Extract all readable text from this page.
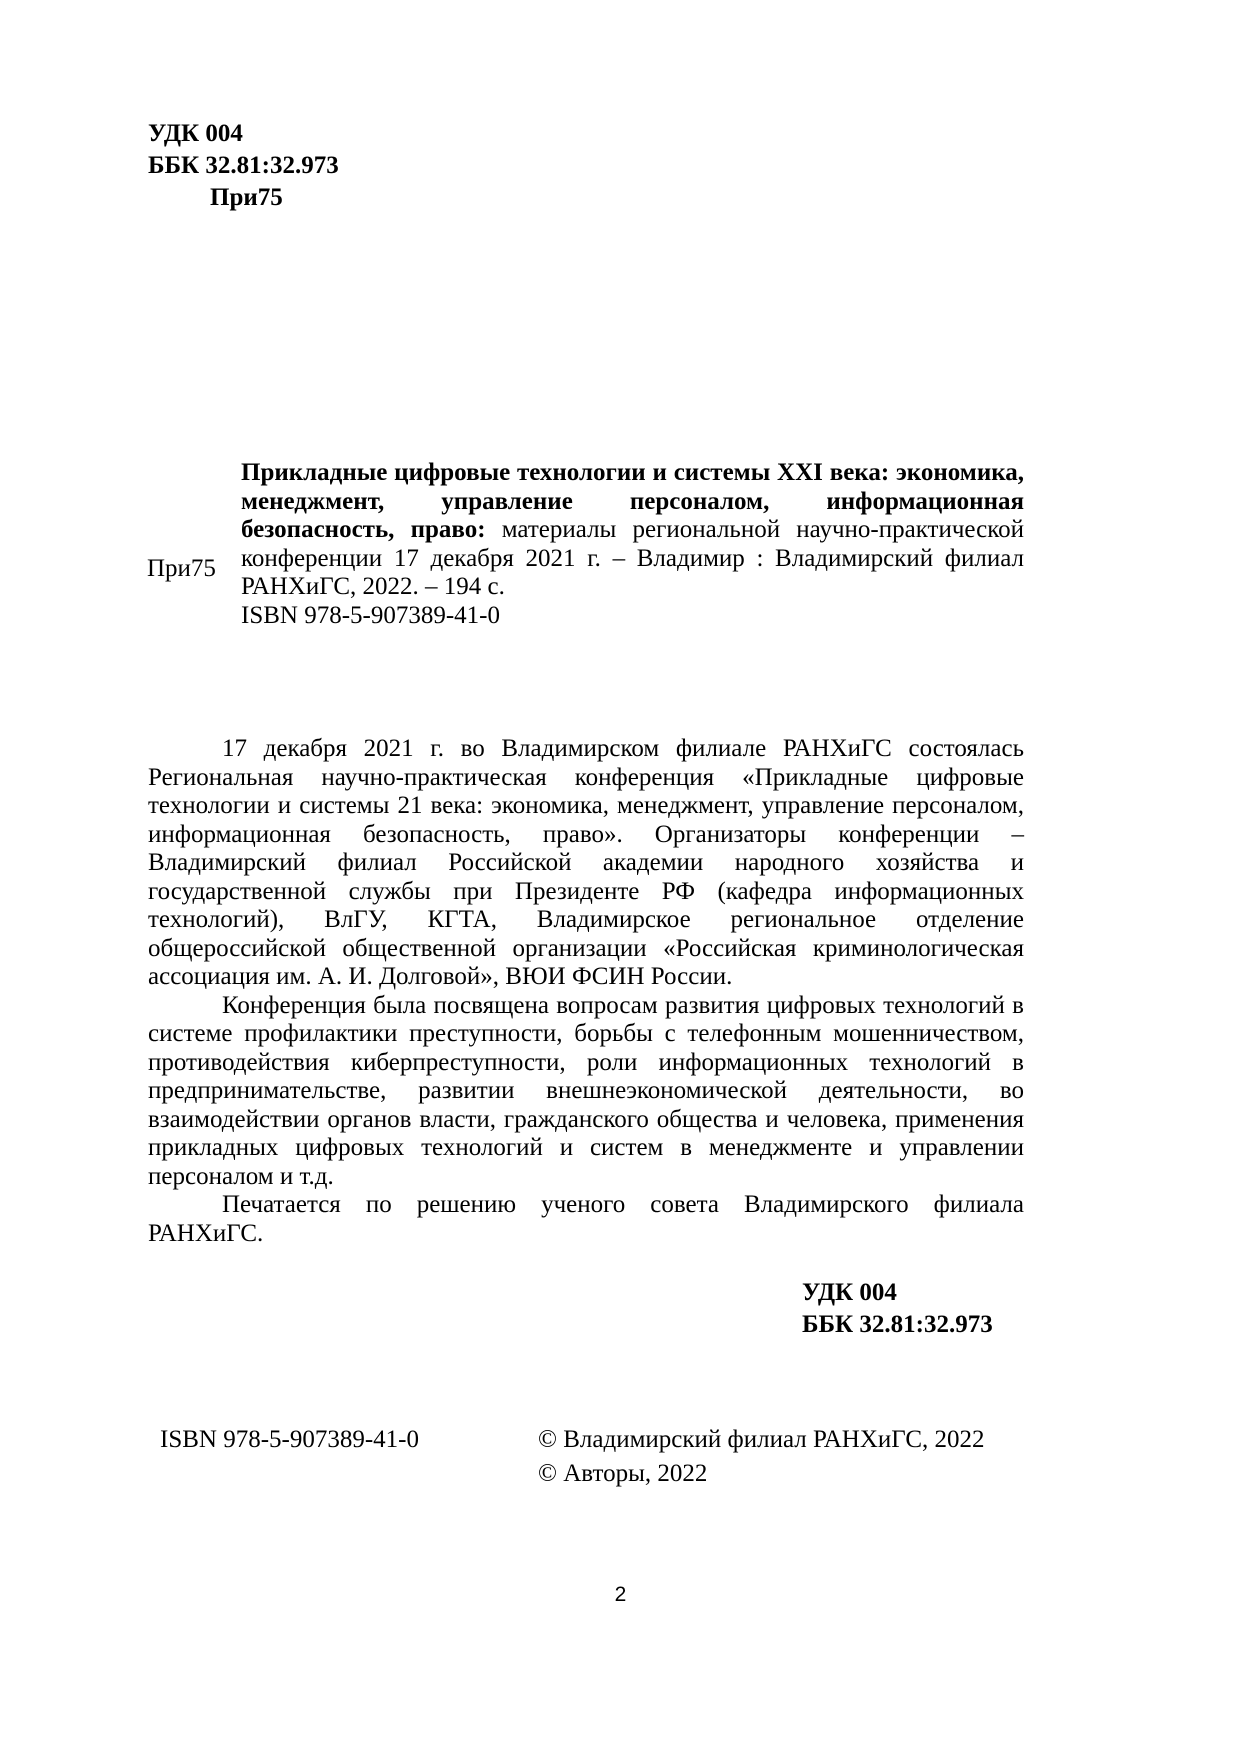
УДК 004
ББК 32.81:32.973
При75
При75
Прикладные цифровые технологии и системы XXI века: экономика, менеджмент, управление персоналом, информационная безопасность, право: материалы региональной научно-практической конференции 17 декабря 2021 г. – Владимир : Владимирский филиал РАНХиГС, 2022. – 194 с.
ISBN 978-5-907389-41-0

17 декабря 2021 г. во Владимирском филиале РАНХиГС состоялась Региональная научно-практическая конференция «Прикладные цифровые технологии и системы 21 века: экономика, менеджмент, управление персоналом, информационная безопасность, право». Организаторы конференции – Владимирский филиал Российской академии народного хозяйства и государственной службы при Президенте РФ (кафедра информационных технологий), ВлГУ, КГТА, Владимирское региональное отделение общероссийской общественной организации «Российская криминологическая ассоциация им. А. И. Долговой», ВЮИ ФСИН России.

Конференция была посвящена вопросам развития цифровых технологий в системе профилактики преступности, борьбы с телефонным мошенничеством, противодействия киберпреступности, роли информационных технологий в предпринимательстве, развитии внешнеэкономической деятельности, во взаимодействии органов власти, гражданского общества и человека, применения прикладных цифровых технологий и систем в менеджменте и управлении персоналом и т.д.

Печатается по решению ученого совета Владимирского филиала РАНХиГС.

УДК 004
ББК 32.81:32.973
ISBN 978-5-907389-41-0	© Владимирский филиал РАНХиГС, 2022
© Авторы, 2022
2
